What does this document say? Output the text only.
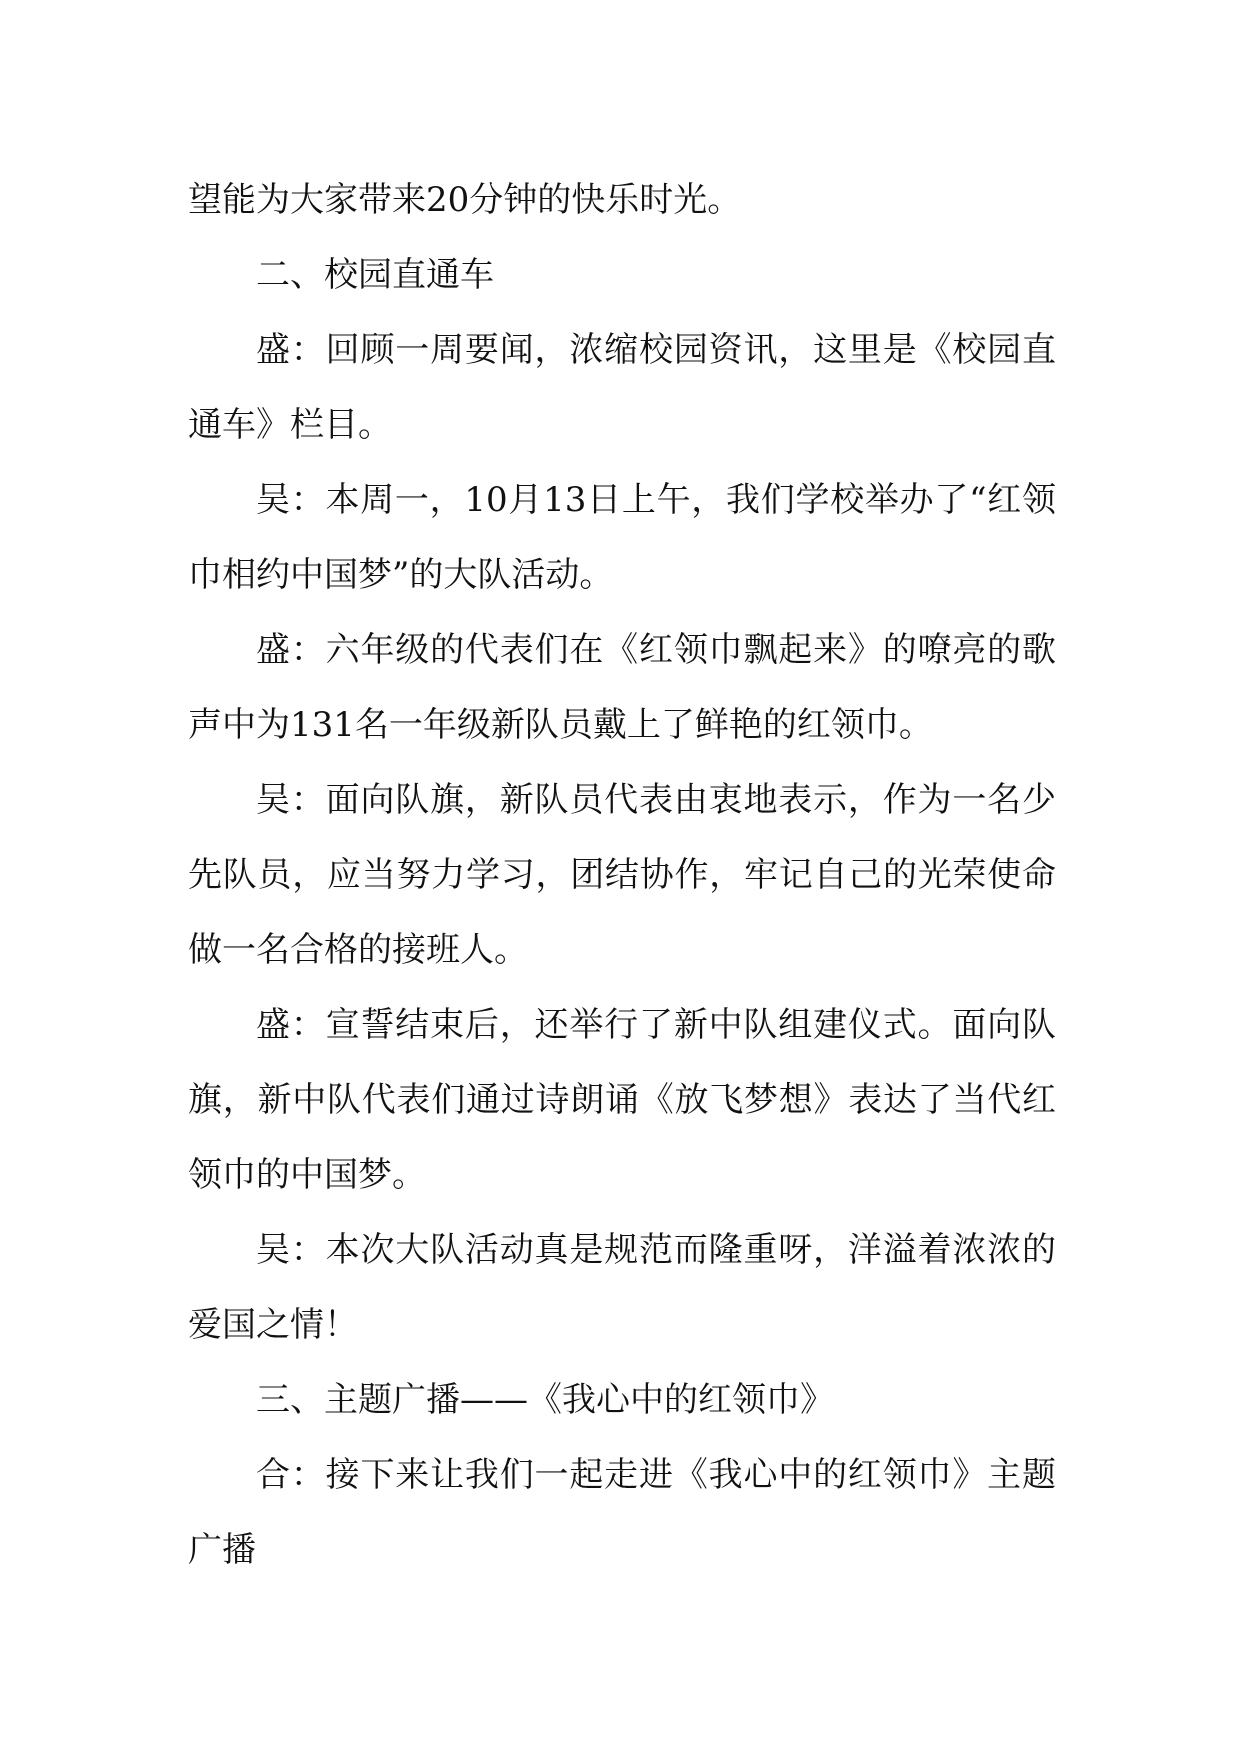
望能为大家带来20分钟的快乐时光。

二、校园直通车

盛：回顾一周要闻，浓缩校园资讯，这里是《校园直通车》栏目。

吴：本周一，10月13日上午，我们学校举办了“红领巾相约中国梦”的大队活动。

盛：六年级的代表们在《红领巾飘起来》的嘹亮的歌声中为131名一年级新队员戴上了鲜艳的红领巾。

吴：面向队旗，新队员代表由衷地表示，作为一名少先队员，应当努力学习，团结协作，牢记自己的光荣使命做一名合格的接班人。

盛：宣誓结束后，还举行了新中队组建仪式。面向队旗，新中队代表们通过诗朗诵《放飞梦想》表达了当代红领巾的中国梦。

吴：本次大队活动真是规范而隆重呀，洋溢着浓浓的爱国之情！

三、主题广播——《我心中的红领巾》

合：接下来让我们一起走进《我心中的红领巾》主题广播
